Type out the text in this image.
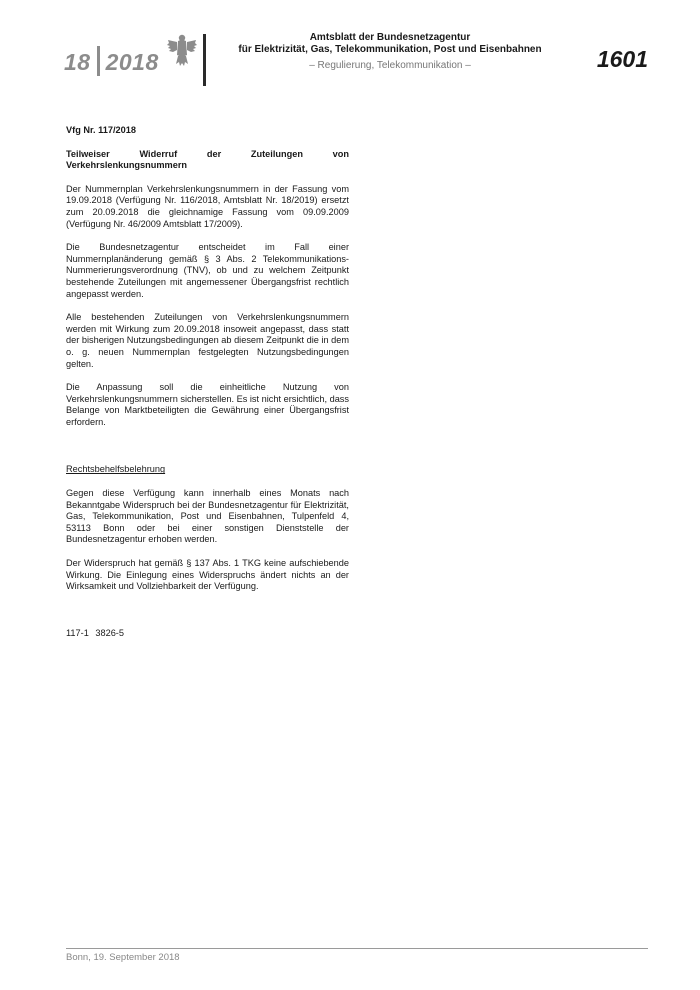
18 2018
Amtsblatt der Bundesnetzagentur
für Elektrizität, Gas, Telekommunikation, Post und Eisenbahnen
– Regulierung, Telekommunikation –	1601

Vfg Nr. 117/2018

Teilweiser Widerruf der Zuteilungen von Verkehrslenkungsnummern

Der Nummernplan Verkehrslenkungsnummern in der Fassung vom 19.09.2018 (Verfügung Nr. 116/2018, Amtsblatt Nr. 18/2019) ersetzt zum 20.09.2018 die gleichnamige Fassung vom 09.09.2009 (Verfügung Nr. 46/2009 Amtsblatt 17/2009).

Die Bundesnetzagentur entscheidet im Fall einer Nummernplanänderung gemäß § 3 Abs. 2 Telekommunikations-Nummerierungsverordnung (TNV), ob und zu welchem Zeitpunkt bestehende Zuteilungen mit angemessener Übergangsfrist rechtlich angepasst werden.

Alle bestehenden Zuteilungen von Verkehrslenkungsnummern werden mit Wirkung zum 20.09.2018 insoweit angepasst, dass statt der bisherigen Nutzungsbedingungen ab diesem Zeitpunkt die in dem o. g. neuen Nummernplan festgelegten Nutzungsbedingungen gelten.

Die Anpassung soll die einheitliche Nutzung von Verkehrslenkungsnummern sicherstellen. Es ist nicht ersichtlich, dass Belange von Marktbeteiligten die Gewährung einer Übergangsfrist erfordern.

Rechtsbehelfsbelehrung

Gegen diese Verfügung kann innerhalb eines Monats nach Bekanntgabe Widerspruch bei der Bundesnetzagentur für Elektrizität, Gas, Telekommunikation, Post und Eisenbahnen, Tulpenfeld 4, 53113 Bonn oder bei einer sonstigen Dienststelle der Bundesnetzagentur erhoben werden.

Der Widerspruch hat gemäß § 137 Abs. 1 TKG keine aufschiebende Wirkung. Die Einlegung eines Widerspruchs ändert nichts an der Wirksamkeit und Vollziehbarkeit der Verfügung.

117-1 3826-5

Bonn, 19. September 2018
